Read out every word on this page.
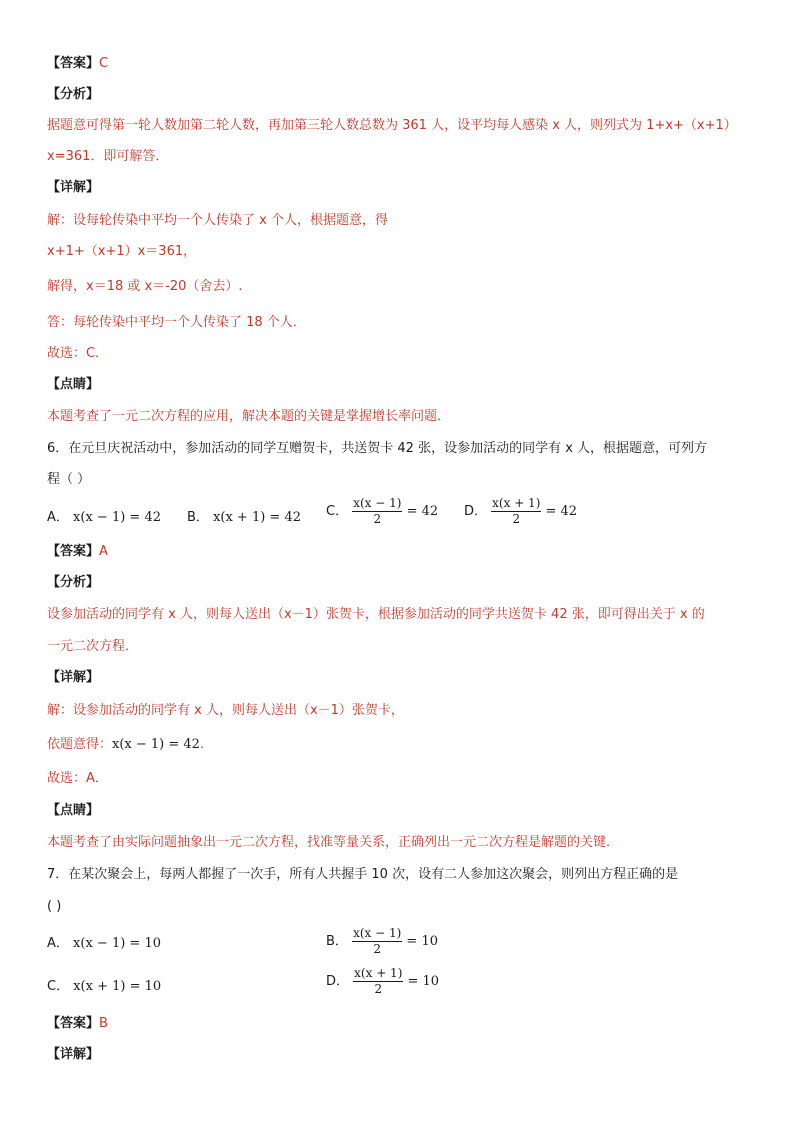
【答案】C
【分析】
据题意可得第一轮人数加第二轮人数，再加第三轮人数总数为 361 人，设平均每人感染 x 人，则列式为 1+x+（x+1）
x=361．即可解答．
【详解】
解：设每轮传染中平均一个人传染了 x 个人，根据题意，得
x+1+（x+1）x＝361，
解得，x＝18 或 x＝-20（舍去）.
答：每轮传染中平均一个人传染了 18 个人．
故选：C．
【点睛】
本题考查了一元二次方程的应用，解决本题的关键是掌握增长率问题．
6．在元旦庆祝活动中，参加活动的同学互赠贺卡，共送贺卡 42 张，设参加活动的同学有 x 人，根据题意，可列方
程（ ）
A． x(x − 1) = 42 B． x(x + 1) = 42 C． $\frac{x(x - 1)}{2} = 42$ D． $\frac{x(x + 1)}{2} = 42$
【答案】A
【分析】
设参加活动的同学有 x 人，则每人送出（x－1）张贺卡，根据参加活动的同学共送贺卡 42 张，即可得出关于 x 的
一元二次方程．
【详解】
解：设参加活动的同学有 x 人，则每人送出（x－1）张贺卡，
依题意得：x(x − 1) = 42．
故选：A．
【点睛】
本题考查了由实际问题抽象出一元二次方程，找准等量关系，正确列出一元二次方程是解题的关键．
7．在某次聚会上，每两人都握了一次手，所有人共握手 10 次，设有二人参加这次聚会，则列出方程正确的是
( )
A． x(x − 1) = 10	B． $\frac{x(x - 1)}{2} = 10$
C． x(x + 1) = 10	D． $\frac{x(x + 1)}{2} = 10$
【答案】B
【详解】
